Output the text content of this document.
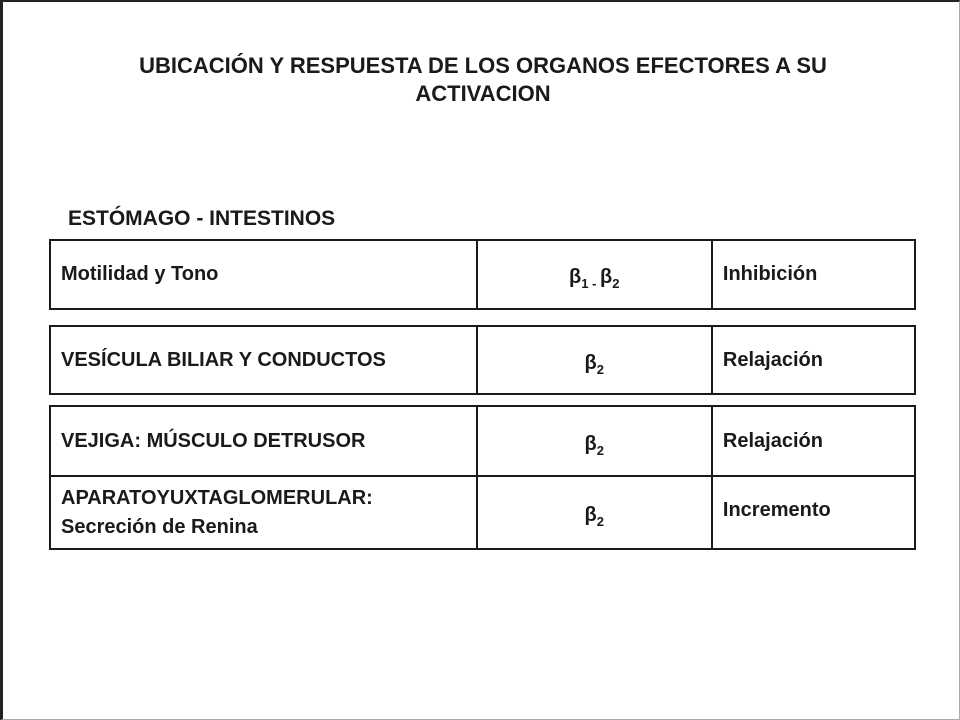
UBICACIÓN Y RESPUESTA DE LOS ORGANOS EFECTORES A SU
ACTIVACION
ESTÓMAGO - INTESTINOS
Motilidad y Tono	$\beta_1$ $_-$ $\beta_2$	Inhibición
VESÍCULA BILIAR Y CONDUCTOS	$\beta_2$	Relajación
VEJIGA: MÚSCULO DETRUSOR	$\beta_2$	Relajación

APARATOYUXTAGLOMERULAR:
Secreción de Renina	$\beta_2$	Incremento
